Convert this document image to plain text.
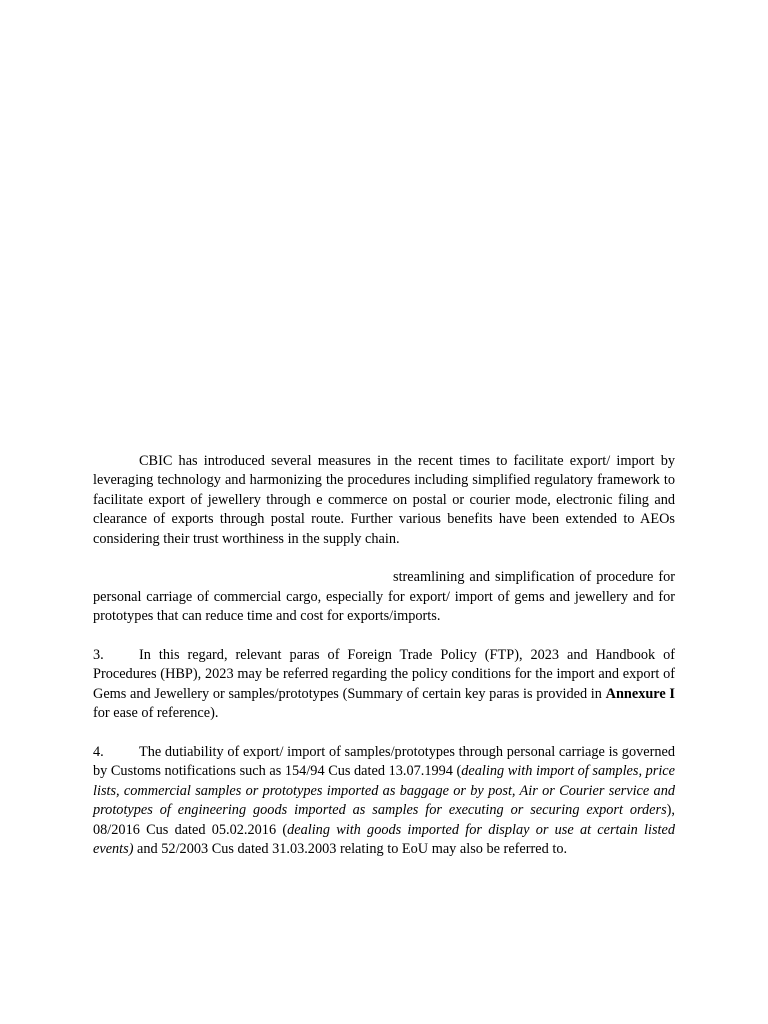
CBIC has introduced several measures in the recent times to facilitate export/ import by leveraging technology and harmonizing the procedures including simplified regulatory framework to facilitate export of jewellery through e commerce on postal or courier mode, electronic filing and clearance of exports through postal route. Further various benefits have been extended to AEOs considering their trust worthiness in the supply chain.

streamlining and simplification of procedure for personal carriage of commercial cargo, especially for export/ import of gems and jewellery and for prototypes that can reduce time and cost for exports/imports.

3. In this regard, relevant paras of Foreign Trade Policy (FTP), 2023 and Handbook of Procedures (HBP), 2023 may be referred regarding the policy conditions for the import and export of Gems and Jewellery or samples/prototypes (Summary of certain key paras is provided in Annexure I for ease of reference).

4. The dutiability of export/ import of samples/prototypes through personal carriage is governed by Customs notifications such as 154/94 Cus dated 13.07.1994 (dealing with import of samples, price lists, commercial samples or prototypes imported as baggage or by post, Air or Courier service and prototypes of engineering goods imported as samples for executing or securing export orders), 08/2016 Cus dated 05.02.2016 (dealing with goods imported for display or use at certain listed events) and 52/2003 Cus dated 31.03.2003 relating to EoU may also be referred to.
